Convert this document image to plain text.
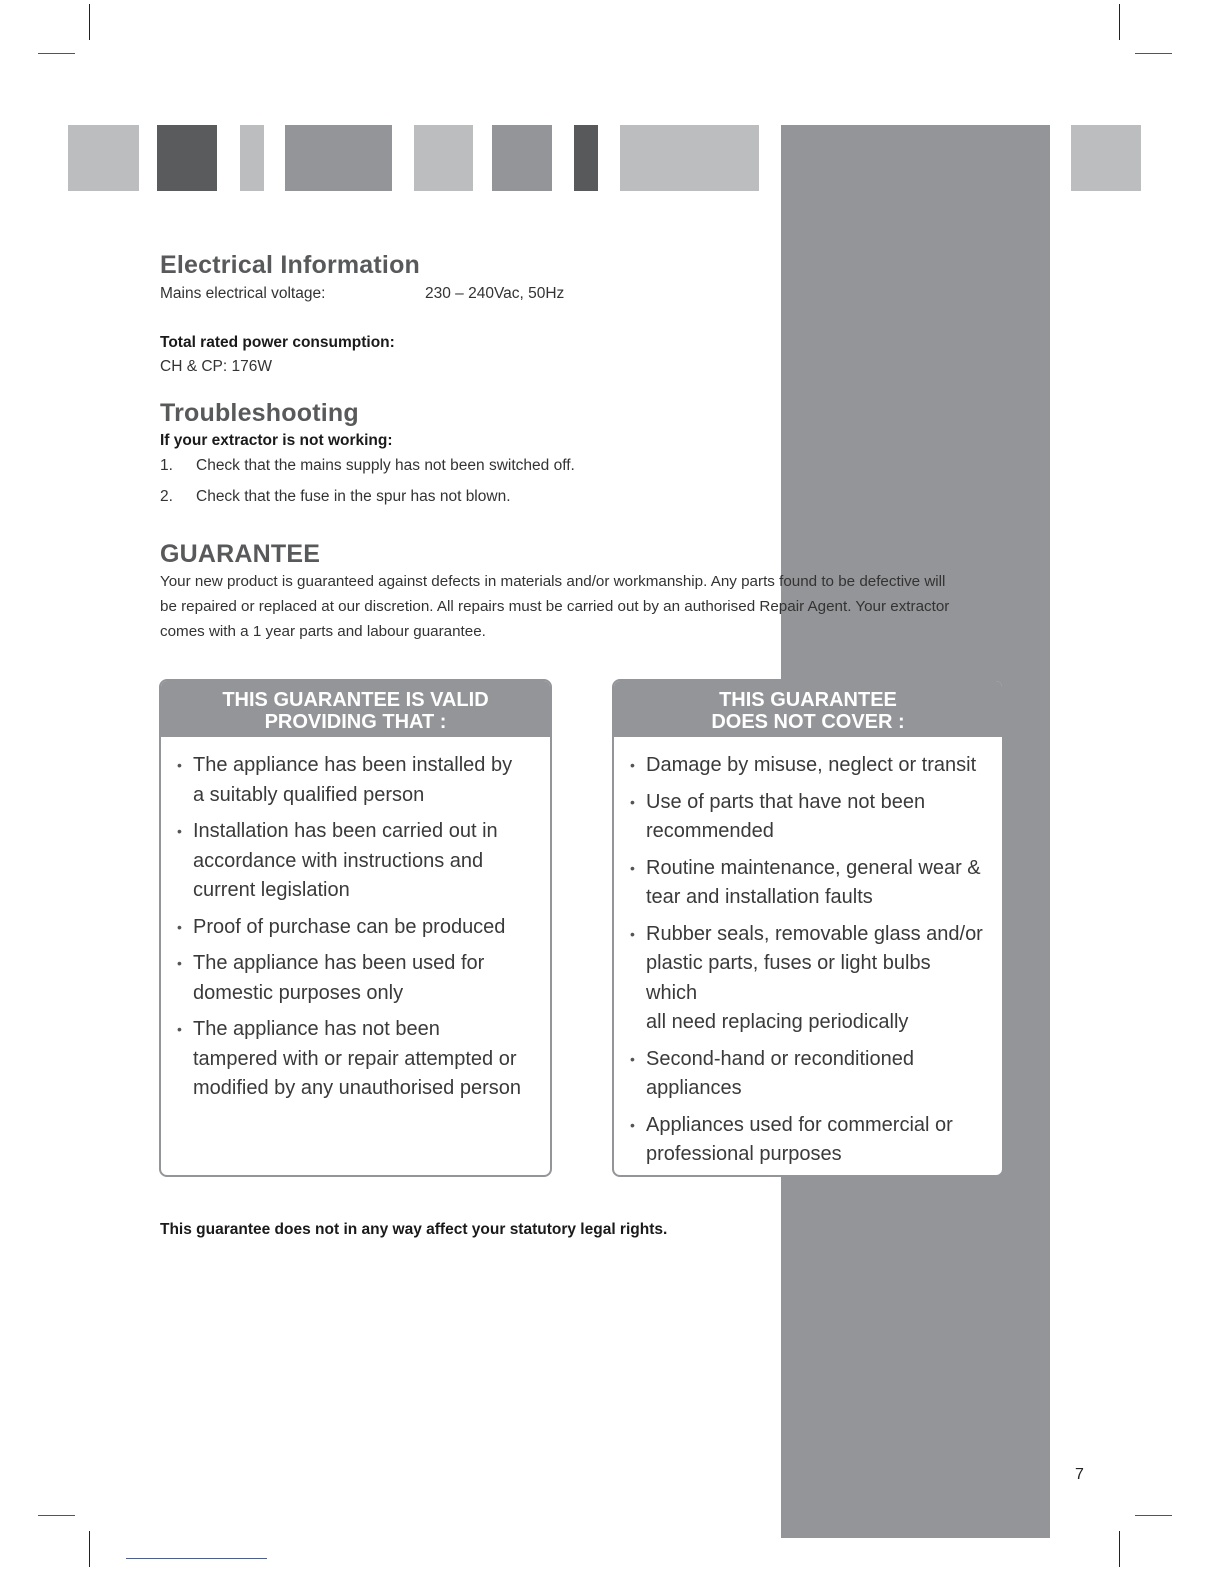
Electrical Information
Mains electrical voltage:	230 – 240Vac, 50Hz
Total rated power consumption:
CH & CP: 176W
Troubleshooting
If your extractor is not working:
1. Check that the mains supply has not been switched off.
2. Check that the fuse in the spur has not blown.
GUARANTEE
Your new product is guaranteed against defects in materials and/or workmanship. Any parts found to be defective will
be repaired or replaced at our discretion. All repairs must be carried out by an authorised Repair Agent. Your extractor
comes with a 1 year parts and labour guarantee.
THIS GUARANTEE IS VALID
PROVIDING THAT :
• The appliance has been installed by
a suitably qualified person
• Installation has been carried out in
accordance with instructions and
current legislation
• Proof of purchase can be produced
• The appliance has been used for
domestic purposes only
• The appliance has not been
tampered with or repair attempted or
modified by any unauthorised person
THIS GUARANTEE
DOES NOT COVER :
• Damage by misuse, neglect or transit
• Use of parts that have not been
recommended
• Routine maintenance, general wear &
tear and installation faults
• Rubber seals, removable glass and/or
plastic parts, fuses or light bulbs which
all need replacing periodically
• Second-hand or reconditioned
appliances
• Appliances used for commercial or
professional purposes
This guarantee does not in any way affect your statutory legal rights.
7
